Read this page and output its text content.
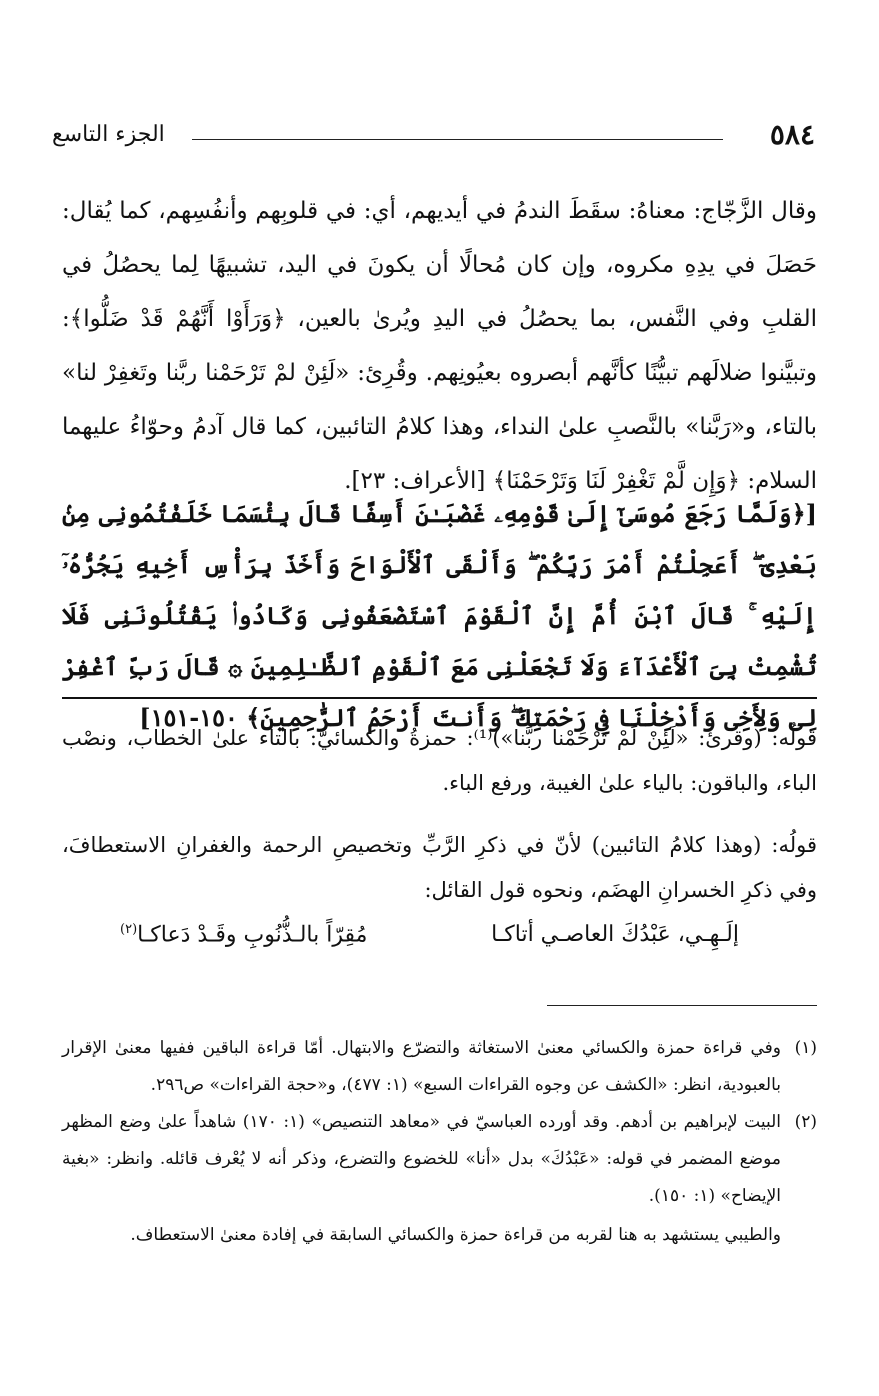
٥٨٤
الجزء التاسع

وقال الزَّجّاج: معناهُ: سقَطَ الندمُ في أيديهم، أي: في قلوبِهم وأنفُسِهم، كما يُقال: حَصَلَ في يدِهِ مكروه، وإن كان مُحالًا أن يكونَ في اليد، تشبيهًا لِما يحصُلُ في القلبِ وفي النَّفس، بما يحصُلُ في اليدِ ويُرىٰ بالعين، ﴿وَرَأَوْا أَنَّهُمْ قَدْ ضَلُّوا﴾: وتبيَّنوا ضلالَهم تبيُّنًا كأنَّهم أبصروه بعيُونِهم. وقُرِئ: «لَئِنْ لمْ تَرْحَمْنا ربَّنا وتَغفِرْ لنا» بالتاء، و«رَبَّنا» بالنَّصبِ علىٰ النداء، وهذا كلامُ التائبين، كما قال آدمُ وحوّاءُ عليهما السلام: ﴿وَإِن لَّمْ تَغْفِرْ لَنَا وَتَرْحَمْنَا﴾ [الأعراف: ٢٣].

[﴿وَلَمَّا رَجَعَ مُوسَىٰٓ إِلَىٰ قَوْمِهِۦ غَضْبَـٰنَ أَسِفًا قَالَ بِئْسَمَا خَلَفْتُمُونِى مِنۢ بَعْدِىٓ ۖ أَعَجِلْتُمْ أَمْرَ رَبِّكُمْ ۖ وَأَلْقَى ٱلْأَلْوَاحَ وَأَخَذَ بِرَأْسِ أَخِيهِ يَجُرُّهُۥٓ إِلَيْهِ ۚ قَالَ ٱبْنَ أُمَّ إِنَّ ٱلْقَوْمَ ٱسْتَضْعَفُونِى وَكَادُوا۟ يَقْتُلُونَنِى فَلَا تُشْمِتْ بِىَ ٱلْأَعْدَآءَ وَلَا تَجْعَلْنِى مَعَ ٱلْقَوْمِ ٱلظَّـٰلِمِينَ ۞ قَالَ رَبِّ ٱغْفِرْ لِى وَلِأَخِى وَأَدْخِلْنَا فِى رَحْمَتِكَ ۖ وَأَنتَ أَرْحَمُ ٱلرَّٰحِمِينَ﴾ ١٥٠-١٥١]

قولُه: (وقرئ: «لَئِنْ لَمْ تَرْحَمْنا ربَّنا»)⁽¹⁾: حمزةُ والكسائيّ: بالتاء علىٰ الخطاب، ونصْب الباء، والباقون: بالياء علىٰ الغيبة، ورفع الباء.

قولُه: (وهذا كلامُ التائبين) لأنّ في ذكرِ الرَّبِّ وتخصيصِ الرحمة والغفرانِ الاستعطافَ، وفي ذكرِ الخسرانِ الهضَم، ونحوه قول القائل:

إلَـهِـي، عَبْدُكَ العاصـي أتاكـا
مُقِرّاً بالـذُّنُوبِ وقَـدْ دَعاكـا$^{(٢)}$
(١)
وفي قراءة حمزة والكسائي معنىٰ الاستغاثة والتضرّع والابتهال. أمّا قراءة الباقين ففيها معنىٰ الإقرار بالعبودية، انظر: «الكشف عن وجوه القراءات السبع» (١: ٤٧٧)، و«حجة القراءات» ص٢٩٦.
(٢)
البيت لإبراهيم بن أدهم. وقد أورده العباسيّ في «معاهد التنصيص» (١: ١٧٠) شاهداً علىٰ وضع المظهر موضع المضمر في قوله: «عَبْدُكَ» بدل «أنا» للخضوع والتضرع، وذكر أنه لا يُعْرف قائله. وانظر: «بغية الإيضاح» (١: ١٥٠).

والطيبي يستشهد به هنا لقربه من قراءة حمزة والكسائي السابقة في إفادة معنىٰ الاستعطاف.
